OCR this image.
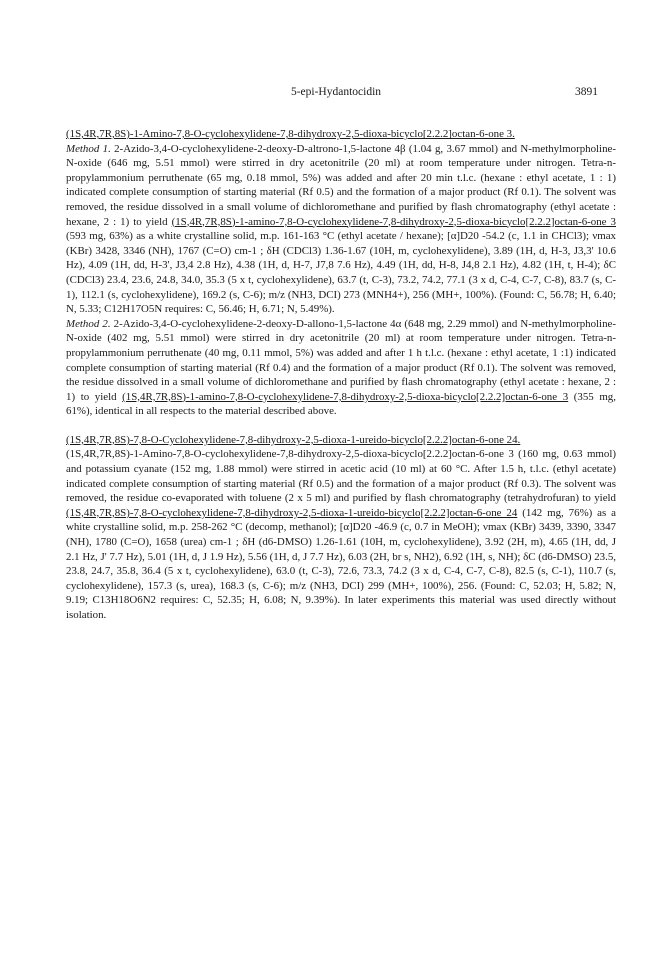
5-epi-Hydantocidin	3891

(1S,4R,7R,8S)-1-Amino-7,8-O-cyclohexylidene-7,8-dihydroxy-2,5-dioxa-bicyclo[2.2.2]octan-6-one 3.

Method 1. 2-Azido-3,4-O-cyclohexylidene-2-deoxy-D-altrono-1,5-lactone 4β (1.04 g, 3.67 mmol) and N-methylmorpholine-N-oxide (646 mg, 5.51 mmol) were stirred in dry acetonitrile (20 ml) at room temperature under nitrogen. Tetra-n-propylammonium perruthenate (65 mg, 0.18 mmol, 5%) was added and after 20 min t.l.c. (hexane : ethyl acetate, 1 : 1) indicated complete consumption of starting material (Rf 0.5) and the formation of a major product (Rf 0.1). The solvent was removed, the residue dissolved in a small volume of dichloromethane and purified by flash chromatography (ethyl acetate : hexane, 2 : 1) to yield (1S,4R,7R,8S)-1-amino-7,8-O-cyclohexylidene-7,8-dihydroxy-2,5-dioxa-bicyclo[2.2.2]octan-6-one 3 (593 mg, 63%) as a white crystalline solid, m.p. 161-163 °C (ethyl acetate / hexane); [α]D20 -54.2 (c, 1.1 in CHCl3); νmax (KBr) 3428, 3346 (NH), 1767 (C=O) cm-1 ; δH (CDCl3) 1.36-1.67 (10H, m, cyclohexylidene), 3.89 (1H, d, H-3, J3,3' 10.6 Hz), 4.09 (1H, dd, H-3', J3,4 2.8 Hz), 4.38 (1H, d, H-7, J7,8 7.6 Hz), 4.49 (1H, dd, H-8, J4,8 2.1 Hz), 4.82 (1H, t, H-4); δC (CDCl3) 23.4, 23.6, 24.8, 34.0, 35.3 (5 x t, cyclohexylidene), 63.7 (t, C-3), 73.2, 74.2, 77.1 (3 x d, C-4, C-7, C-8), 83.7 (s, C-1), 112.1 (s, cyclohexylidene), 169.2 (s, C-6); m/z (NH3, DCI) 273 (MNH4+), 256 (MH+, 100%). (Found: C, 56.78; H, 6.40; N, 5.33; C12H17O5N requires: C, 56.46; H, 6.71; N, 5.49%).

Method 2. 2-Azido-3,4-O-cyclohexylidene-2-deoxy-D-allono-1,5-lactone 4α (648 mg, 2.29 mmol) and N-methylmorpholine-N-oxide (402 mg, 5.51 mmol) were stirred in dry acetonitrile (20 ml) at room temperature under nitrogen. Tetra-n-propylammonium perruthenate (40 mg, 0.11 mmol, 5%) was added and after 1 h t.l.c. (hexane : ethyl acetate, 1 :1) indicated complete consumption of starting material (Rf 0.4) and the formation of a major product (Rf 0.1). The solvent was removed, the residue dissolved in a small volume of dichloromethane and purified by flash chromatography (ethyl acetate : hexane, 2 : 1) to yield (1S,4R,7R,8S)-1-amino-7,8-O-cyclohexylidene-7,8-dihydroxy-2,5-dioxa-bicyclo[2.2.2]octan-6-one 3 (355 mg, 61%), identical in all respects to the material described above.

(1S,4R,7R,8S)-7,8-O-Cyclohexylidene-7,8-dihydroxy-2,5-dioxa-1-ureido-bicyclo[2.2.2]octan-6-one 24.

(1S,4R,7R,8S)-1-Amino-7,8-O-cyclohexylidene-7,8-dihydroxy-2,5-dioxa-bicyclo[2.2.2]octan-6-one 3 (160 mg, 0.63 mmol) and potassium cyanate (152 mg, 1.88 mmol) were stirred in acetic acid (10 ml) at 60 °C. After 1.5 h, t.l.c. (ethyl acetate) indicated complete consumption of starting material (Rf 0.5) and the formation of a major product (Rf 0.3). The solvent was removed, the residue co-evaporated with toluene (2 x 5 ml) and purified by flash chromatography (tetrahydrofuran) to yield (1S,4R,7R,8S)-7,8-O-cyclohexylidene-7,8-dihydroxy-2,5-dioxa-1-ureido-bicyclo[2.2.2]octan-6-one 24 (142 mg, 76%) as a white crystalline solid, m.p. 258-262 °C (decomp, methanol); [α]D20 -46.9 (c, 0.7 in MeOH); νmax (KBr) 3439, 3390, 3347 (NH), 1780 (C=O), 1658 (urea) cm-1 ; δH (d6-DMSO) 1.26-1.61 (10H, m, cyclohexylidene), 3.92 (2H, m), 4.65 (1H, dd, J 2.1 Hz, J' 7.7 Hz), 5.01 (1H, d, J 1.9 Hz), 5.56 (1H, d, J 7.7 Hz), 6.03 (2H, br s, NH2), 6.92 (1H, s, NH); δC (d6-DMSO) 23.5, 23.8, 24.7, 35.8, 36.4 (5 x t, cyclohexylidene), 63.0 (t, C-3), 72.6, 73.3, 74.2 (3 x d, C-4, C-7, C-8), 82.5 (s, C-1), 110.7 (s, cyclohexylidene), 157.3 (s, urea), 168.3 (s, C-6); m/z (NH3, DCI) 299 (MH+, 100%), 256. (Found: C, 52.03; H, 5.82; N, 9.19; C13H18O6N2 requires: C, 52.35; H, 6.08; N, 9.39%). In later experiments this material was used directly without isolation.
